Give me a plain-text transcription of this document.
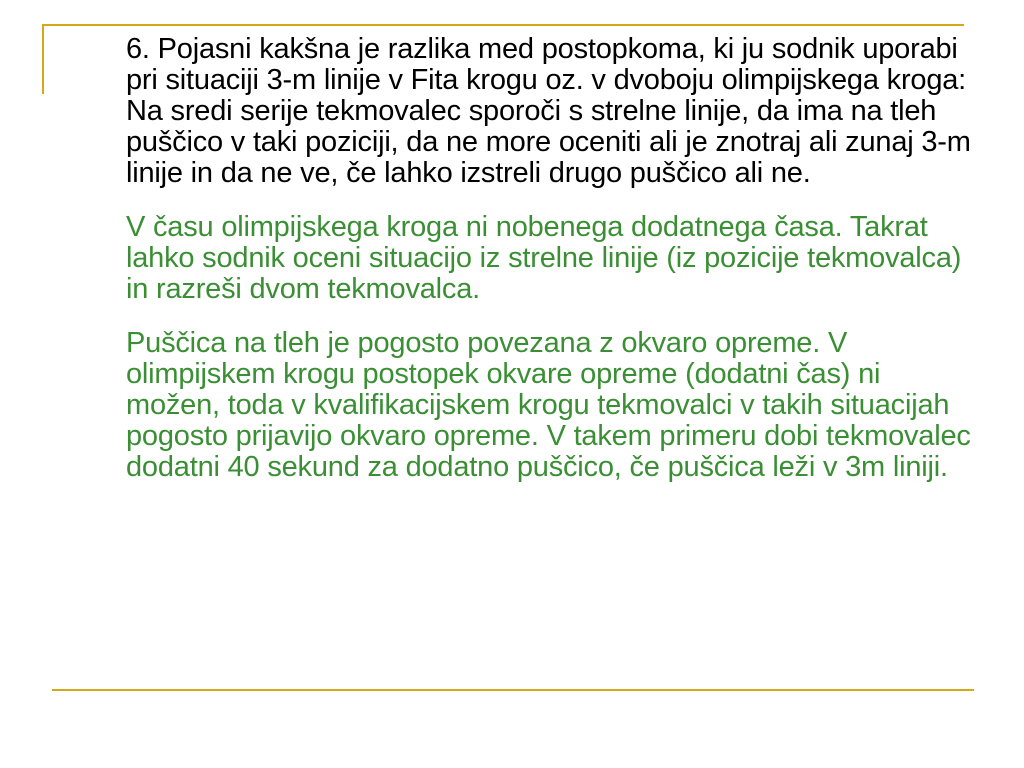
6. Pojasni kakšna je razlika med postopkoma, ki ju sodnik uporabi pri situaciji 3-m linije v Fita krogu oz. v dvoboju olimpijskega kroga: Na sredi serije tekmovalec sporoči s strelne linije, da ima na tleh puščico v taki poziciji, da ne more oceniti ali je znotraj ali zunaj 3-m linije in da ne ve, če lahko izstreli drugo puščico ali ne.

V času olimpijskega kroga ni nobenega dodatnega časa. Takrat lahko sodnik oceni situacijo iz strelne linije (iz pozicije tekmovalca) in razreši dvom tekmovalca.

Puščica na tleh je pogosto povezana z okvaro opreme. V olimpijskem krogu postopek okvare opreme (dodatni čas) ni možen, toda v kvalifikacijskem krogu tekmovalci v takih situacijah pogosto prijavijo okvaro opreme. V takem primeru dobi tekmovalec dodatni 40 sekund za dodatno puščico, če puščica leži v 3m liniji.
